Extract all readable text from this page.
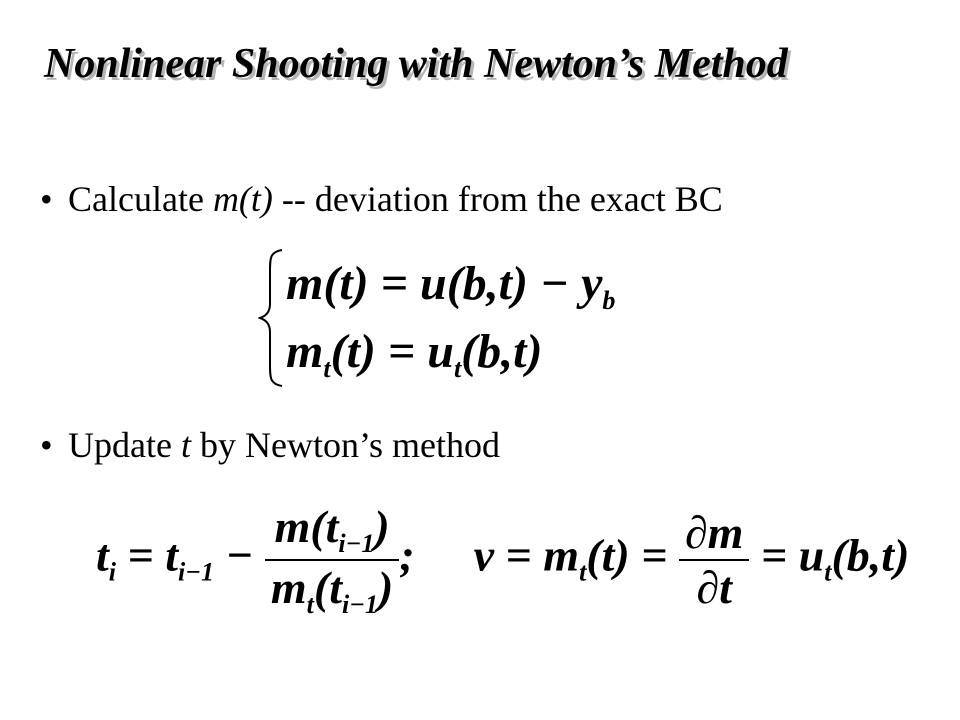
Nonlinear Shooting with Newton’s Method
• Calculate m(t) -- deviation from the exact BC
$m(t) = u(b,t) - y_b$
$m_t(t) = u_t(b,t)$
• Update t by Newton’s method
$t_i = t_{i-1} - \frac{m(t_{i-1})}{m_t(t_{i-1})}$ ; $v = m_t(t) = \frac{\partial m}{\partial t} = u_t(b,t)$
